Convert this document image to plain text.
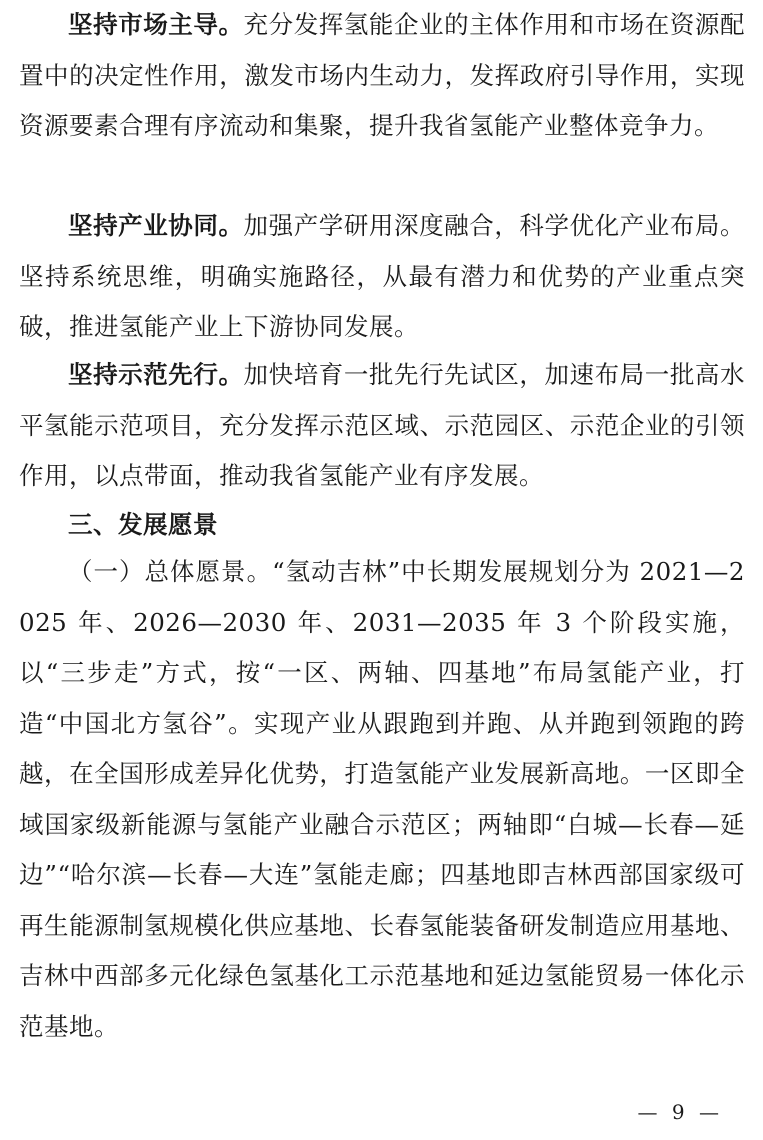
坚持市场主导。充分发挥氢能企业的主体作用和市场在资源配置中的决定性作用，激发市场内生动力，发挥政府引导作用，实现资源要素合理有序流动和集聚，提升我省氢能产业整体竞争力。

坚持产业协同。加强产学研用深度融合，科学优化产业布局。坚持系统思维，明确实施路径，从最有潜力和优势的产业重点突破，推进氢能产业上下游协同发展。

坚持示范先行。加快培育一批先行先试区，加速布局一批高水平氢能示范项目，充分发挥示范区域、示范园区、示范企业的引领作用，以点带面，推动我省氢能产业有序发展。

三、发展愿景

（一）总体愿景。“氢动吉林”中长期发展规划分为 2021—2025 年、2026—2030 年、2031—2035 年 3 个阶段实施，以“三步走”方式，按“一区、两轴、四基地”布局氢能产业，打造“中国北方氢谷”。实现产业从跟跑到并跑、从并跑到领跑的跨越，在全国形成差异化优势，打造氢能产业发展新高地。一区即全域国家级新能源与氢能产业融合示范区；两轴即“白城—长春—延边”“哈尔滨—长春—大连”氢能走廊；四基地即吉林西部国家级可再生能源制氢规模化供应基地、长春氢能装备研发制造应用基地、吉林中西部多元化绿色氢基化工示范基地和延边氢能贸易一体化示范基地。

— 9 —
